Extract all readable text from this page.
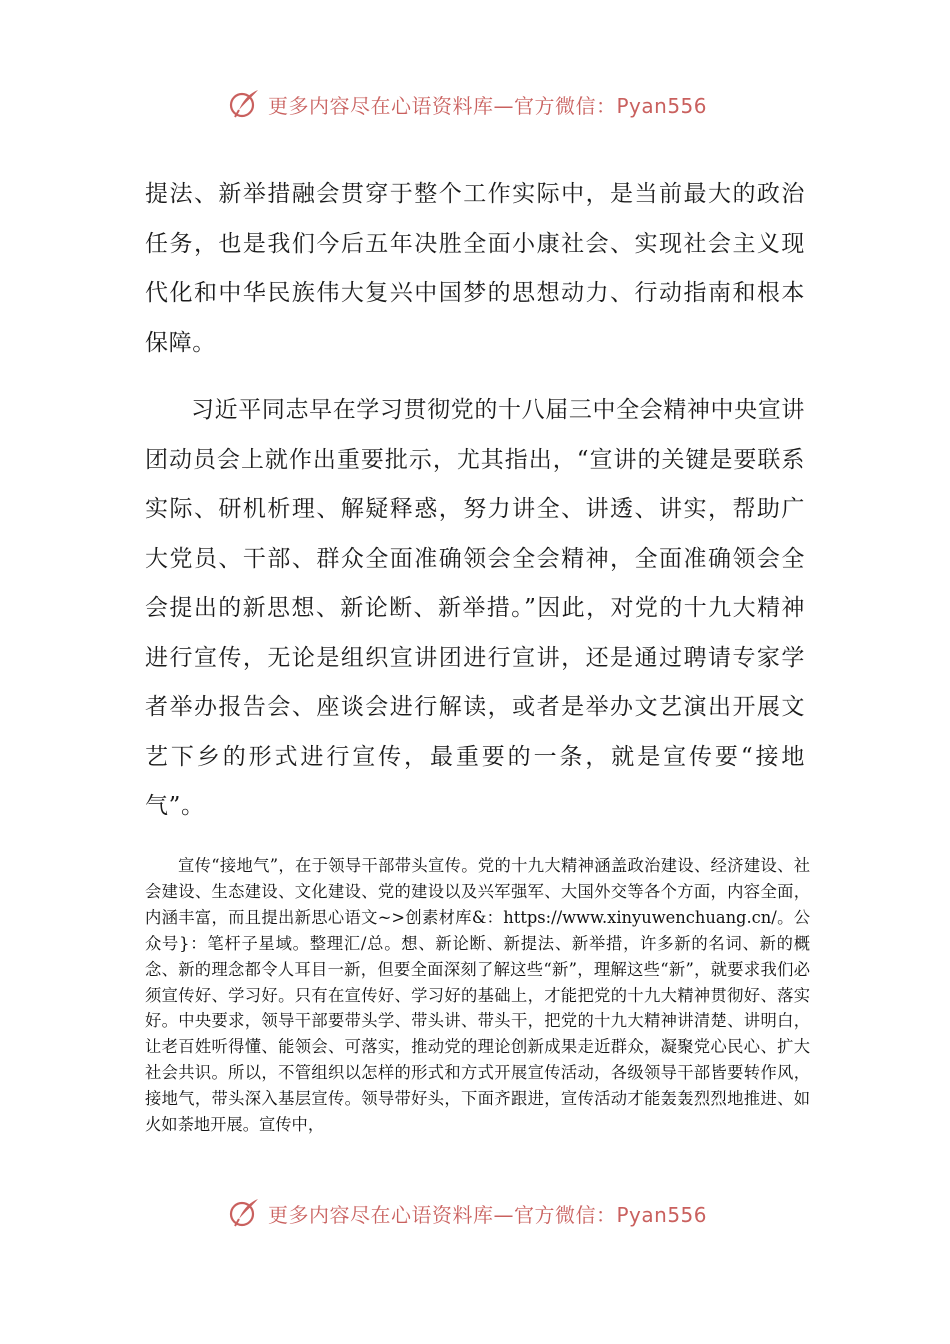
更多内容尽在心语资料库—官方微信：Pyan556

提法、新举措融会贯穿于整个工作实际中，是当前最大的政治任务，也是我们今后五年决胜全面小康社会、实现社会主义现代化和中华民族伟大复兴中国梦的思想动力、行动指南和根本保障。

习近平同志早在学习贯彻党的十八届三中全会精神中央宣讲团动员会上就作出重要批示，尤其指出，“宣讲的关键是要联系实际、研机析理、解疑释惑，努力讲全、讲透、讲实，帮助广大党员、干部、群众全面准确领会全会精神，全面准确领会全会提出的新思想、新论断、新举措。”因此，对党的十九大精神进行宣传，无论是组织宣讲团进行宣讲，还是通过聘请专家学者举办报告会、座谈会进行解读，或者是举办文艺演出开展文艺下乡的形式进行宣传，最重要的一条，就是宣传要“接地气”。

宣传“接地气”，在于领导干部带头宣传。党的十九大精神涵盖政治建设、经济建设、社会建设、生态建设、文化建设、党的建设以及兴军强军、大国外交等各个方面，内容全面，内涵丰富，而且提出新思心语文~>创素材库&：https://www.xinyuwenchuang.cn/。公众号}：笔杆子星域。整理汇/总。想、新论断、新提法、新举措，许多新的名词、新的概念、新的理念都令人耳目一新，但要全面深刻了解这些“新”，理解这些“新”，就要求我们必须宣传好、学习好。只有在宣传好、学习好的基础上，才能把党的十九大精神贯彻好、落实好。中央要求，领导干部要带头学、带头讲、带头干，把党的十九大精神讲清楚、讲明白，让老百姓听得懂、能领会、可落实，推动党的理论创新成果走近群众，凝聚党心民心、扩大社会共识。所以，不管组织以怎样的形式和方式开展宣传活动，各级领导干部皆要转作风，接地气，带头深入基层宣传。领导带好头，下面齐跟进，宣传活动才能轰轰烈烈地推进、如火如荼地开展。宣传中，

更多内容尽在心语资料库—官方微信：Pyan556
